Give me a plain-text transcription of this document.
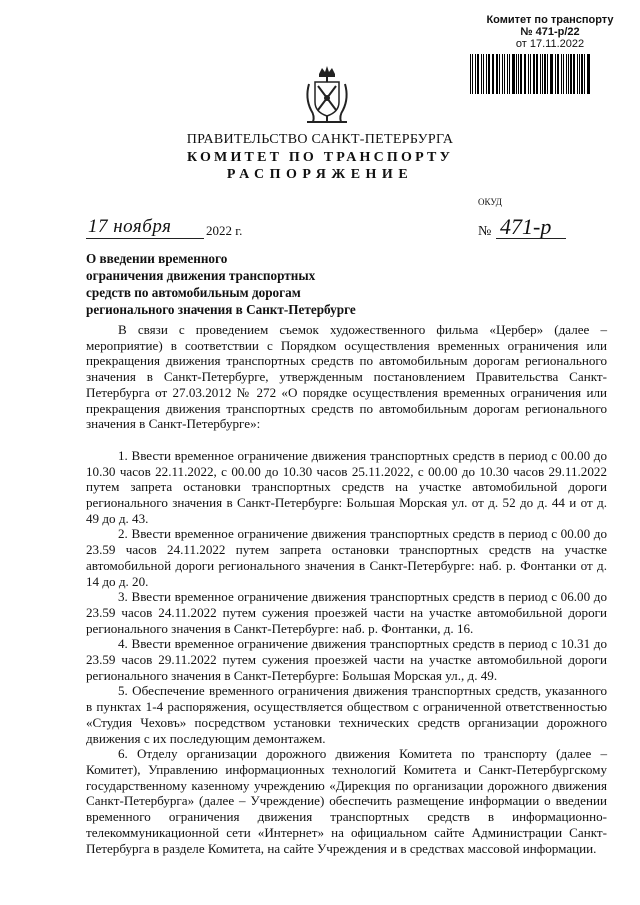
Комитет по транспорту
№ 471-р/22
от 17.11.2022
ПРАВИТЕЛЬСТВО САНКТ-ПЕТЕРБУРГА
КОМИТЕТ ПО ТРАНСПОРТУ
РАСПОРЯЖЕНИЕ
ОКУД
17 ноября	2022 г.	№ 471-р
О введении временного
ограничения движения транспортных
средств по автомобильным дорогам
регионального значения в Санкт-Петербурге

В связи с проведением съемок художественного фильма «Цербер» (далее – мероприятие) в соответствии с Порядком осуществления временных ограничения или прекращения движения транспортных средств по автомобильным дорогам регионального значения в Санкт-Петербурге, утвержденным постановлением Правительства Санкт-Петербурга от 27.03.2012 № 272 «О порядке осуществления временных ограничения или прекращения движения транспортных средств по автомобильным дорогам регионального значения в Санкт-Петербурге»:

1. Ввести временное ограничение движения транспортных средств в период с 00.00 до 10.30 часов 22.11.2022, с 00.00 до 10.30 часов 25.11.2022, с 00.00 до 10.30 часов 29.11.2022 путем запрета остановки транспортных средств на участке автомобильной дороги регионального значения в Санкт-Петербурге: Большая Морская ул. от д. 52 до д. 44 и от д. 49 до д. 43.

2. Ввести временное ограничение движения транспортных средств в период с 00.00 до 23.59 часов 24.11.2022 путем запрета остановки транспортных средств на участке автомобильной дороги регионального значения в Санкт-Петербурге: наб. р. Фонтанки от д. 14 до д. 20.

3. Ввести временное ограничение движения транспортных средств в период с 06.00 до 23.59 часов 24.11.2022 путем сужения проезжей части на участке автомобильной дороги регионального значения в Санкт-Петербурге: наб. р. Фонтанки, д. 16.

4. Ввести временное ограничение движения транспортных средств в период с 10.31 до 23.59 часов 29.11.2022 путем сужения проезжей части на участке автомобильной дороги регионального значения в Санкт-Петербурге: Большая Морская ул., д. 49.

5. Обеспечение временного ограничения движения транспортных средств, указанного в пунктах 1-4 распоряжения, осуществляется обществом с ограниченной ответственностью «Студия Чеховъ» посредством установки технических средств организации дорожного движения с их последующим демонтажем.

6. Отделу организации дорожного движения Комитета по транспорту (далее – Комитет), Управлению информационных технологий Комитета и Санкт-Петербургскому государственному казенному учреждению «Дирекция по организации дорожного движения Санкт-Петербурга» (далее – Учреждение) обеспечить размещение информации о введении временного ограничения движения транспортных средств в информационно-телекоммуникационной сети «Интернет» на официальном сайте Администрации Санкт-Петербурга в разделе Комитета, на сайте Учреждения и в средствах массовой информации.
